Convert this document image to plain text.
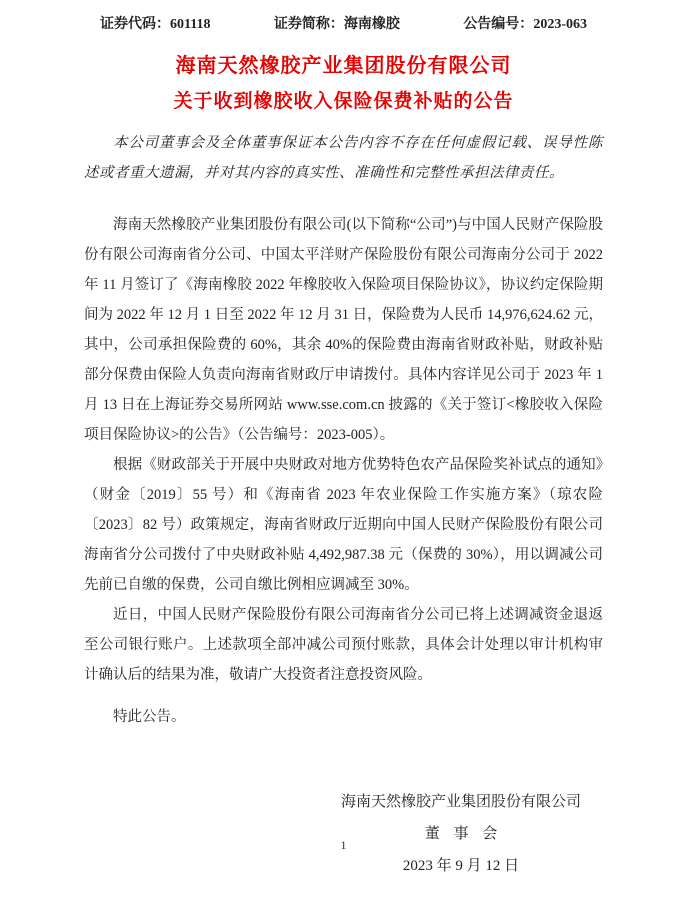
证券代码：601118	证券简称：海南橡胶	公告编号：2023-063
海南天然橡胶产业集团股份有限公司
关于收到橡胶收入保险保费补贴的公告

本公司董事会及全体董事保证本公告内容不存在任何虚假记载、误导性陈述或者重大遗漏，并对其内容的真实性、准确性和完整性承担法律责任。

海南天然橡胶产业集团股份有限公司(以下简称“公司”)与中国人民财产保险股份有限公司海南省分公司、中国太平洋财产保险股份有限公司海南分公司于 2022 年 11 月签订了《海南橡胶 2022 年橡胶收入保险项目保险协议》，协议约定保险期间为 2022 年 12 月 1 日至 2022 年 12 月 31 日，保险费为人民币 14,976,624.62 元，其中，公司承担保险费的 60%，其余 40%的保险费由海南省财政补贴，财政补贴部分保费由保险人负责向海南省财政厅申请拨付。具体内容详见公司于 2023 年 1 月 13 日在上海证券交易所网站 www.sse.com.cn 披露的《关于签订<橡胶收入保险项目保险协议>的公告》（公告编号：2023-005）。

根据《财政部关于开展中央财政对地方优势特色农产品保险奖补试点的通知》（财金〔2019〕55 号）和《海南省 2023 年农业保险工作实施方案》（琼农险〔2023〕82 号）政策规定，海南省财政厅近期向中国人民财产保险股份有限公司海南省分公司拨付了中央财政补贴 4,492,987.38 元（保费的 30%），用以调减公司先前已自缴的保费，公司自缴比例相应调减至 30%。

近日，中国人民财产保险股份有限公司海南省分公司已将上述调减资金退返至公司银行账户。上述款项全部冲减公司预付账款，具体会计处理以审计机构审计确认后的结果为准，敬请广大投资者注意投资风险。

特此公告。

海南天然橡胶产业集团股份有限公司
董 事 会
2023 年 9 月 12 日
1
